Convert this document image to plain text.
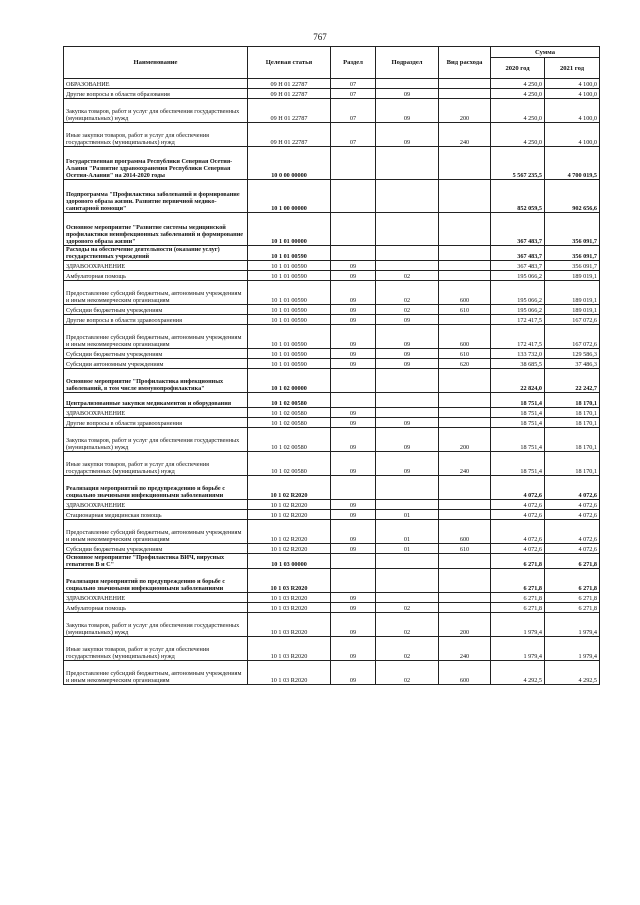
767
Наименование	Целевая статья	Раздел	Подраздел	Вид расхода	Сумма	
					2020 год	2021 год
ОБРАЗОВАНИЕ	09 Н 01 22787	07			4 250,0	4 100,0
Другие вопросы в области образования	09 Н 01 22787	07	09		4 250,0	4 100,0
Закупка товаров, работ и услуг для обеспечения государственных (муниципальных) нужд	09 Н 01 22787	07	09	200	4 250,0	4 100,0
Иные закупки товаров, работ и услуг для обеспечения государственных (муниципальных) нужд	09 Н 01 22787	07	09	240	4 250,0	4 100,0
Государственная программа Республики Северная Осетия-Алания "Развитие здравоохранения Республики Северная Осетия-Алания" на 2014-2020 годы	10 0 00 00000				5 567 235,5	4 700 019,5
Подпрограмма "Профилактика заболеваний и формирование здорового образа жизни. Развитие первичной медико-санитарной помощи"	10 1 00 00000				852 059,5	902 656,6
Основное мероприятие "Развитие системы медицинской профилактики неинфекционных заболеваний и формирование здорового образа жизни"	10 1 01 00000				367 483,7	356 091,7
Расходы на обеспечение деятельности (оказание услуг) государственных учреждений	10 1 01 00590				367 483,7	356 091,7
ЗДРАВООХРАНЕНИЕ	10 1 01 00590	09			367 483,7	356 091,7
Амбулаторная помощь	10 1 01 00590	09	02		195 066,2	189 019,1
Предоставление субсидий бюджетным, автономным учреждениям и иным некоммерческим организациям	10 1 01 00590	09	02	600	195 066,2	189 019,1
Субсидии бюджетным учреждениям	10 1 01 00590	09	02	610	195 066,2	189 019,1
Другие вопросы в области здравоохранения	10 1 01 00590	09	09		172 417,5	167 072,6
Предоставление субсидий бюджетным, автономным учреждениям и иным некоммерческим организациям	10 1 01 00590	09	09	600	172 417,5	167 072,6
Субсидии бюджетным учреждениям	10 1 01 00590	09	09	610	133 732,0	129 586,3
Субсидии автономным учреждениям	10 1 01 00590	09	09	620	38 685,5	37 486,3
Основное мероприятие "Профилактика инфекционных заболеваний, в том числе иммунопрофилактика"	10 1 02 00000				22 824,0	22 242,7
Централизованные закупки медикаментов и оборудования	10 1 02 00580				18 751,4	18 170,1
ЗДРАВООХРАНЕНИЕ	10 1 02 00580	09			18 751,4	18 170,1
Другие вопросы в области здравоохранения	10 1 02 00580	09	09		18 751,4	18 170,1
Закупка товаров, работ и услуг для обеспечения государственных (муниципальных) нужд	10 1 02 00580	09	09	200	18 751,4	18 170,1
Иные закупки товаров, работ и услуг для обеспечения государственных (муниципальных) нужд	10 1 02 00580	09	09	240	18 751,4	18 170,1
Реализация мероприятий по предупреждению и борьбе с социально значимыми инфекционными заболеваниями	10 1 02 R2020				4 072,6	4 072,6
ЗДРАВООХРАНЕНИЕ	10 1 02 R2020	09			4 072,6	4 072,6
Стационарная медицинская помощь	10 1 02 R2020	09	01		4 072,6	4 072,6
Предоставление субсидий бюджетным, автономным учреждениям и иным некоммерческим организациям	10 1 02 R2020	09	01	600	4 072,6	4 072,6
Субсидии бюджетным учреждениям	10 1 02 R2020	09	01	610	4 072,6	4 072,6
Основное мероприятие "Профилактика ВИЧ, вирусных гепатитов В и С"	10 1 03 00000				6 271,8	6 271,8
Реализация мероприятий по предупреждению и борьбе с социально значимыми инфекционными заболеваниями	10 1 03 R2020				6 271,8	6 271,8
ЗДРАВООХРАНЕНИЕ	10 1 03 R2020	09			6 271,8	6 271,8
Амбулаторная помощь	10 1 03 R2020	09	02		6 271,8	6 271,8
Закупка товаров, работ и услуг для обеспечения государственных (муниципальных) нужд	10 1 03 R2020	09	02	200	1 979,4	1 979,4
Иные закупки товаров, работ и услуг для обеспечения государственных (муниципальных) нужд	10 1 03 R2020	09	02	240	1 979,4	1 979,4
Предоставление субсидий бюджетным, автономным учреждениям и иным некоммерческим организациям	10 1 03 R2020	09	02	600	4 292,5	4 292,5
